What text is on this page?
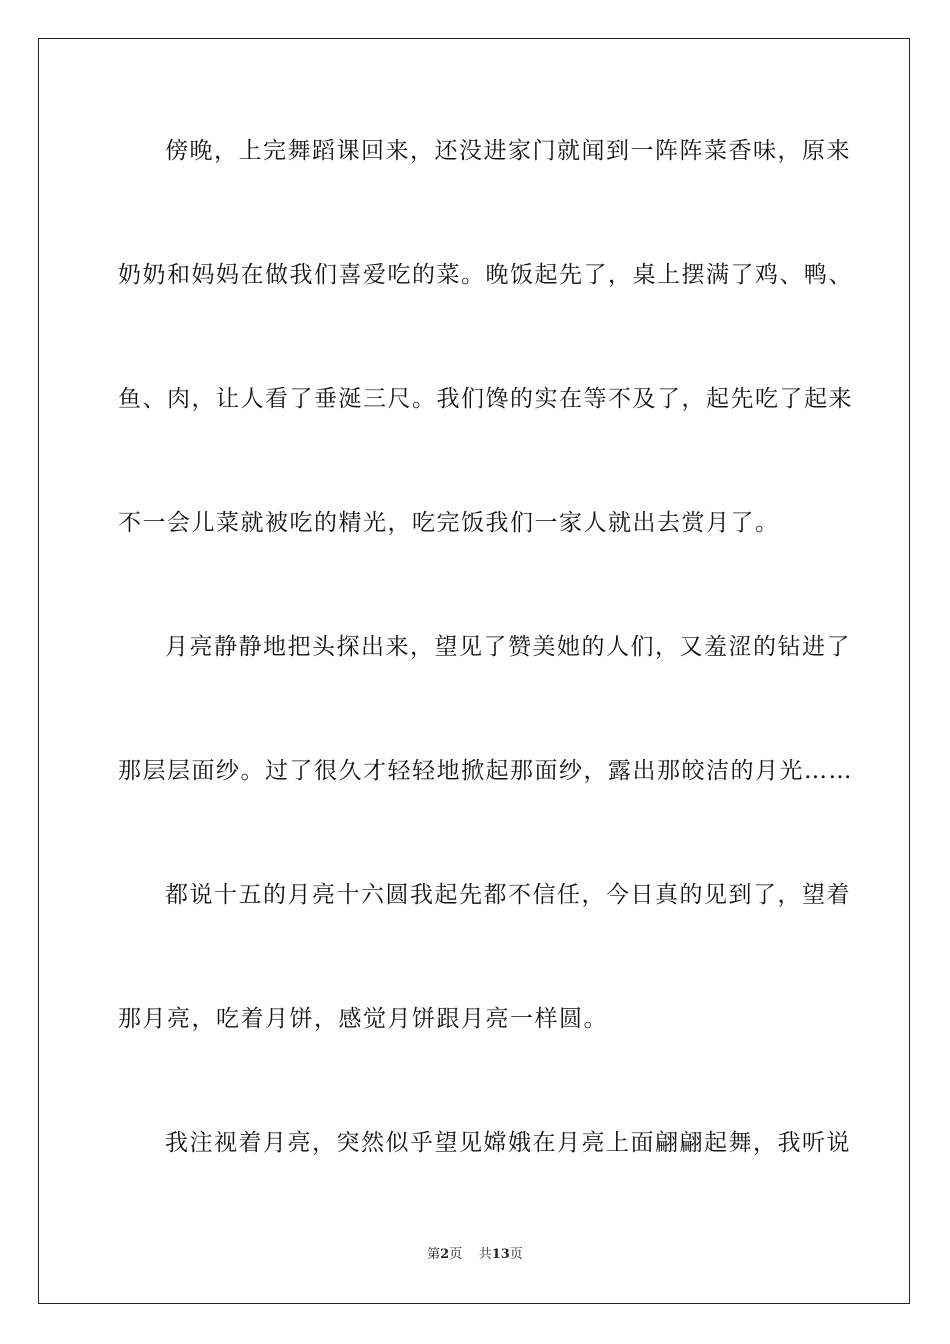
傍晚，上完舞蹈课回来，还没进家门就闻到一阵阵菜香味，原来
奶奶和妈妈在做我们喜爱吃的菜。晚饭起先了，桌上摆满了鸡、鸭、
鱼、肉，让人看了垂涎三尺。我们馋的实在等不及了，起先吃了起来
不一会儿菜就被吃的精光，吃完饭我们一家人就出去赏月了。
月亮静静地把头探出来，望见了赞美她的人们，又羞涩的钻进了
那层层面纱。过了很久才轻轻地掀起那面纱，露出那皎洁的月光……
都说十五的月亮十六圆我起先都不信任，今日真的见到了，望着
那月亮，吃着月饼，感觉月饼跟月亮一样圆。
我注视着月亮，突然似乎望见嫦娥在月亮上面翩翩起舞，我听说
第2页 共13页
